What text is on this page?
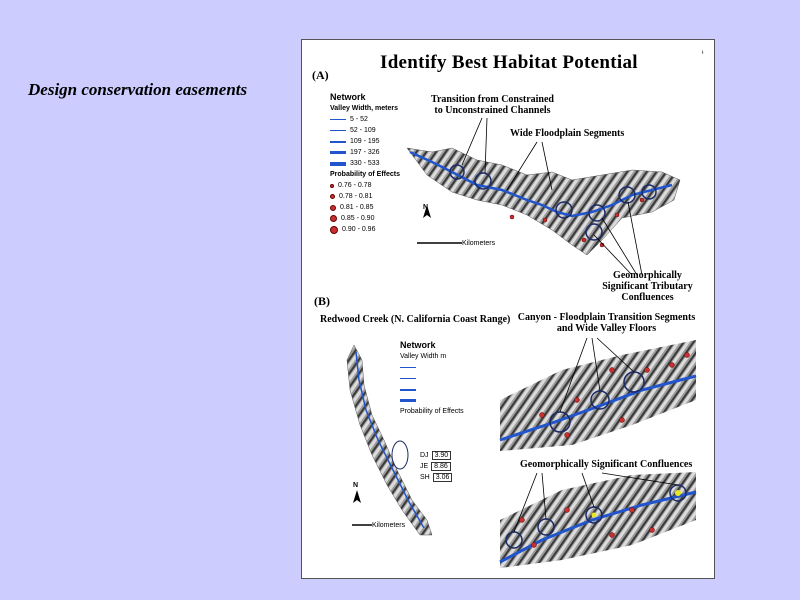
Design conservation easements
Identify Best Habitat Potential
(A)
ᵢ
(B)
Redwood Creek (N. California Coast Range)
Transition from Constrained to Unconstrained Channels
Wide Floodplain Segments
Geomorphically Significant Tributary Confluences
Canyon - Floodplain Transition Segments and Wide Valley Floors
Geomorphically Significant Confluences
Network
Valley Width, meters
5 - 52
52 - 109
109 - 195
197 - 326
330 - 533
Probability of Effects
0.76 - 0.78
0.78 - 0.81
0.81 - 0.85
0.85 - 0.90
0.90 - 0.96
N
Kilometers
Network
Valley Width m
Probability of Effects
DJ 3.90
JE 8.86
SH 3.06
N
Kilometers
